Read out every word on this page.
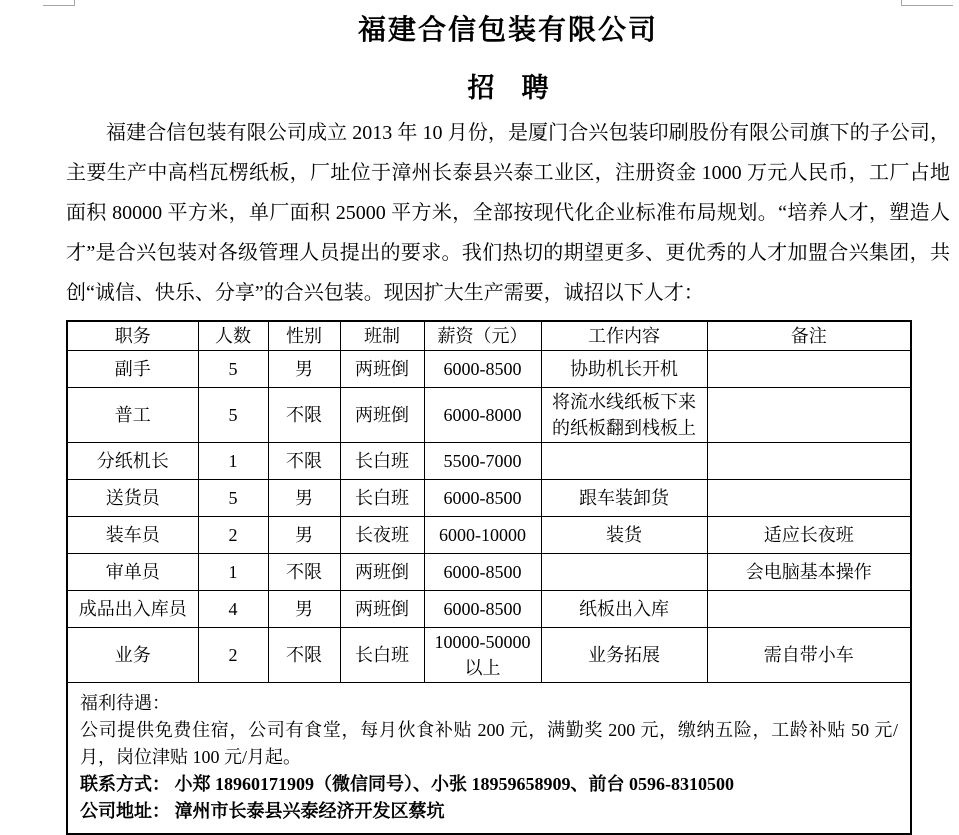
福建合信包装有限公司
招　聘

福建合信包装有限公司成立 2013 年 10 月份，是厦门合兴包装印刷股份有限公司旗下的子公司，主要生产中高档瓦楞纸板，厂址位于漳州长泰县兴泰工业区，注册资金 1000 万元人民币，工厂占地面积 80000 平方米，单厂面积 25000 平方米，全部按现代化企业标准布局规划。“培养人才，塑造人才”是合兴包装对各级管理人员提出的要求。我们热切的期望更多、更优秀的人才加盟合兴集团，共创“诚信、快乐、分享”的合兴包装。现因扩大生产需要，诚招以下人才：

职务	人数	性别	班制	薪资（元）	工作内容	备注
副手	5	男	两班倒	6000-8500	协助机长开机	
普工	5	不限	两班倒	6000-8000	将流水线纸板下来的纸板翻到栈板上	
分纸机长	1	不限	长白班	5500-7000		
送货员	5	男	长白班	6000-8500	跟车装卸货	
装车员	2	男	长夜班	6000-10000	装货	适应长夜班
审单员	1	不限	两班倒	6000-8500		会电脑基本操作
成品出入库员	4	男	两班倒	6000-8500	纸板出入库	
业务	2	不限	长白班	10000-50000 以上	业务拓展	需自带小车

福利待遇：

公司提供免费住宿，公司有食堂，每月伙食补贴 200 元，满勤奖 200 元，缴纳五险，工龄补贴 50 元/月，岗位津贴 100 元/月起。

联系方式： 小郑 18960171909（微信同号）、小张 18959658909、前台 0596-8310500

公司地址： 漳州市长泰县兴泰经济开发区蔡坑						
